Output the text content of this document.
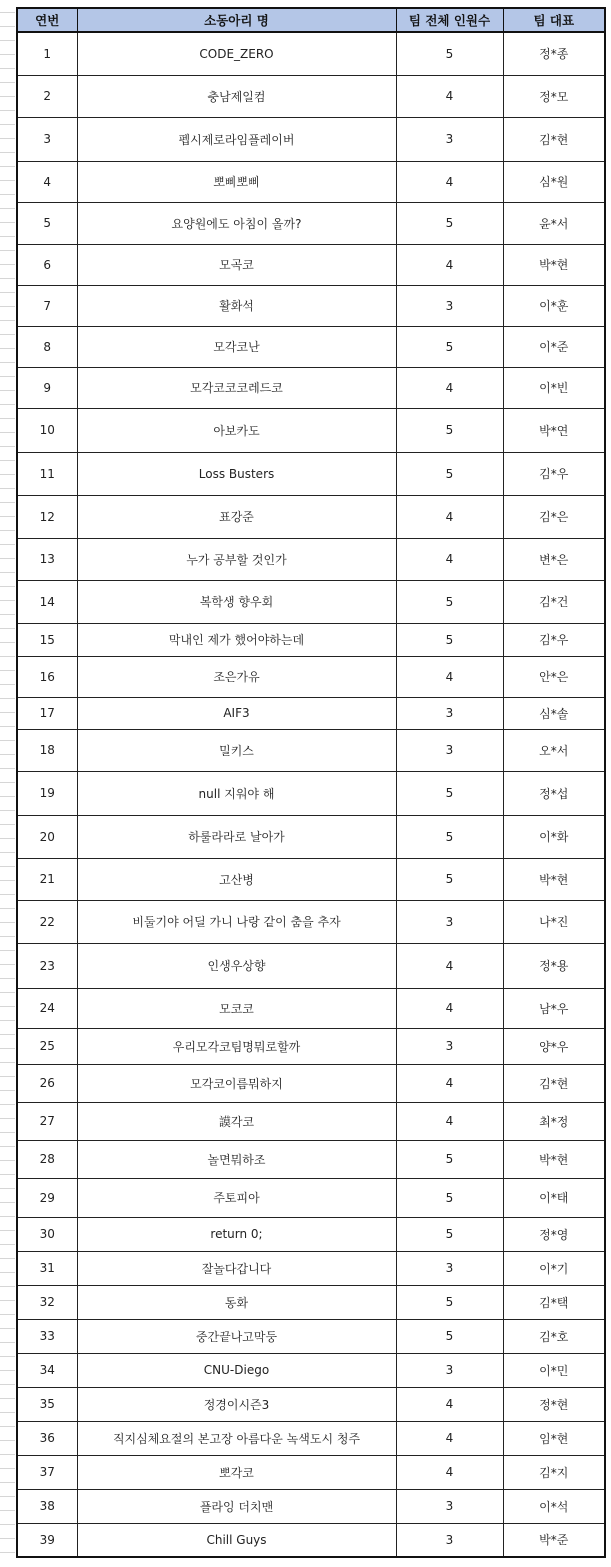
연번	소동아리 명	팀 전체 인원수	팀 대표
1	CODE_ZERO	5	정*종
2	충남제일컴	4	정*모
3	펩시제로라임플레이버	3	김*현
4	뽀삐뽀삐	4	심*원
5	요양원에도 아침이 올까?	5	윤*서
6	모곡코	4	박*현
7	활화석	3	이*훈
8	모각코난	5	이*준
9	모각코코코레드코	4	이*빈
10	아보카도	5	박*연
11	Loss Busters	5	김*우
12	표강준	4	김*은
13	누가 공부할 것인가	4	변*은
14	복학생 향우회	5	김*건
15	막내인 제가 했어야하는데	5	김*우
16	조은가유	4	안*은
17	AIF3	3	심*솔
18	밀키스	3	오*서
19	null 지워야 해	5	정*섭
20	하룰라라로 날아가	5	이*화
21	고산병	5	박*현
22	비둘기야 어딜 가니 나랑 같이 춤을 추자	3	나*진
23	인생우상향	4	정*용
24	모코코	4	남*우
25	우리모각코팀명뭐로할까	3	양*우
26	모각코이름뭐하지	4	김*현
27	謨각코	4	최*정
28	놀면뭐하조	5	박*현
29	주토피아	5	이*태
30	return 0;	5	정*영
31	잘놀다갑니다	3	이*기
32	동화	5	김*택
33	중간끝나고막둥	5	김*호
34	CNU-Diego	3	이*민
35	정경이시즌3	4	정*현
36	직지심체요절의 본고장 아름다운 녹색도시 청주	4	임*현
37	뽀각코	4	김*지
38	플라잉 더치맨	3	이*석
39	Chill Guys	3	박*준
